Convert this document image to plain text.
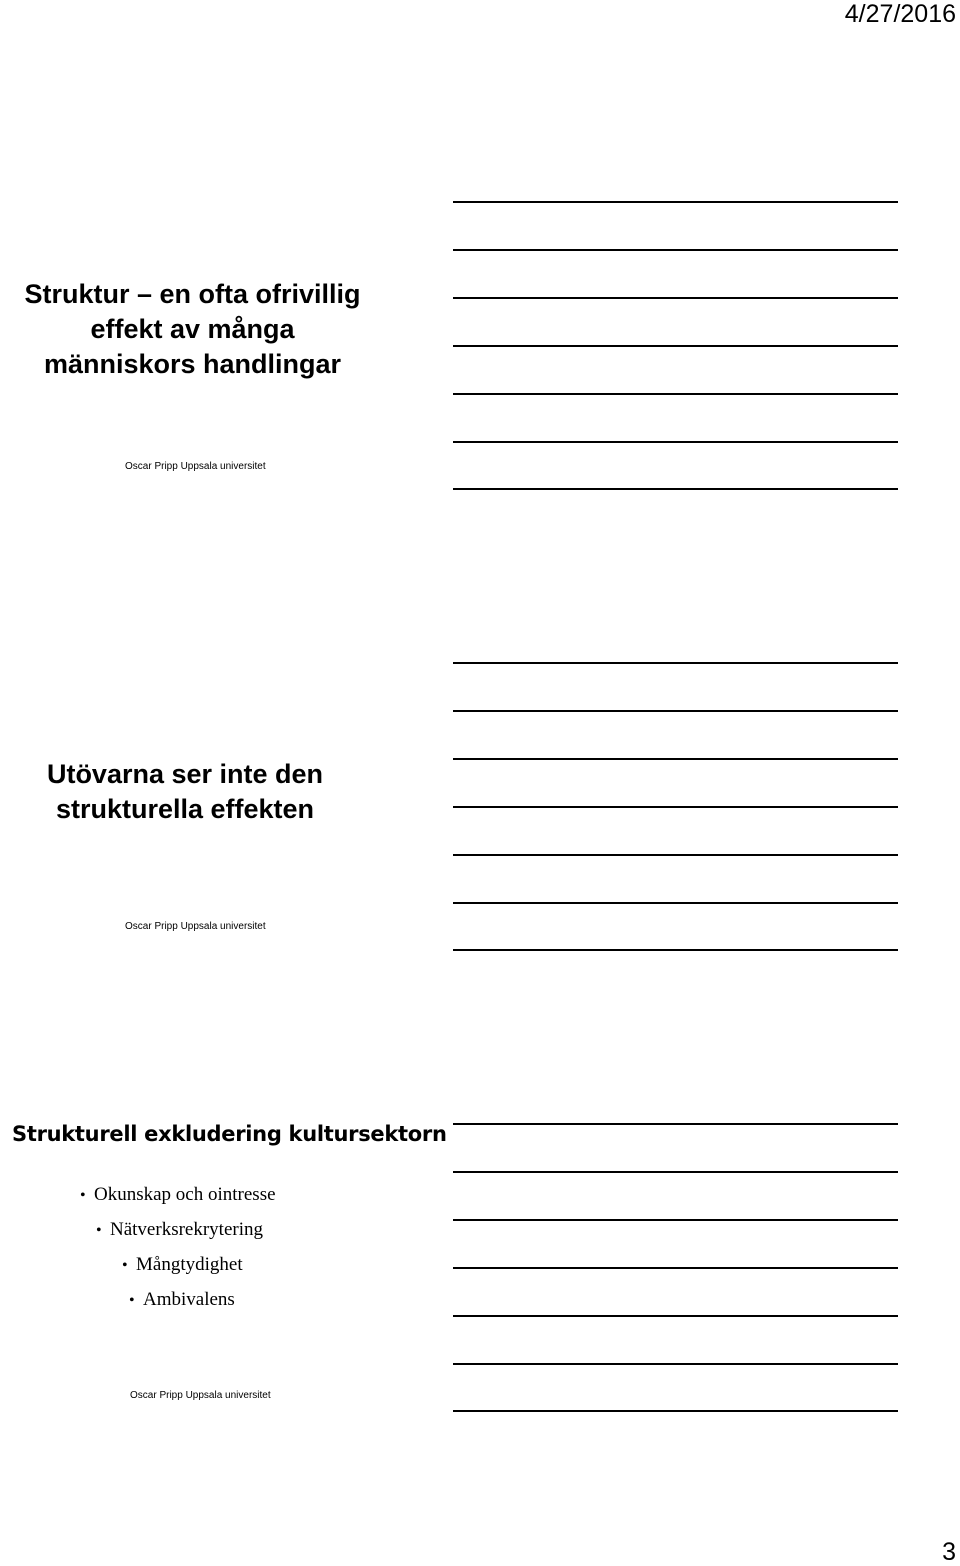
4/27/2016
Struktur – en ofta ofrivillig
effekt av många
människors handlingar
Oscar Pripp Uppsala universitet
Utövarna ser inte den
strukturella effekten
Oscar Pripp Uppsala universitet
Strukturell exkludering kultursektorn
• Okunskap och ointresse
• Nätverksrekrytering
• Mångtydighet
• Ambivalens
Oscar Pripp Uppsala universitet
3
